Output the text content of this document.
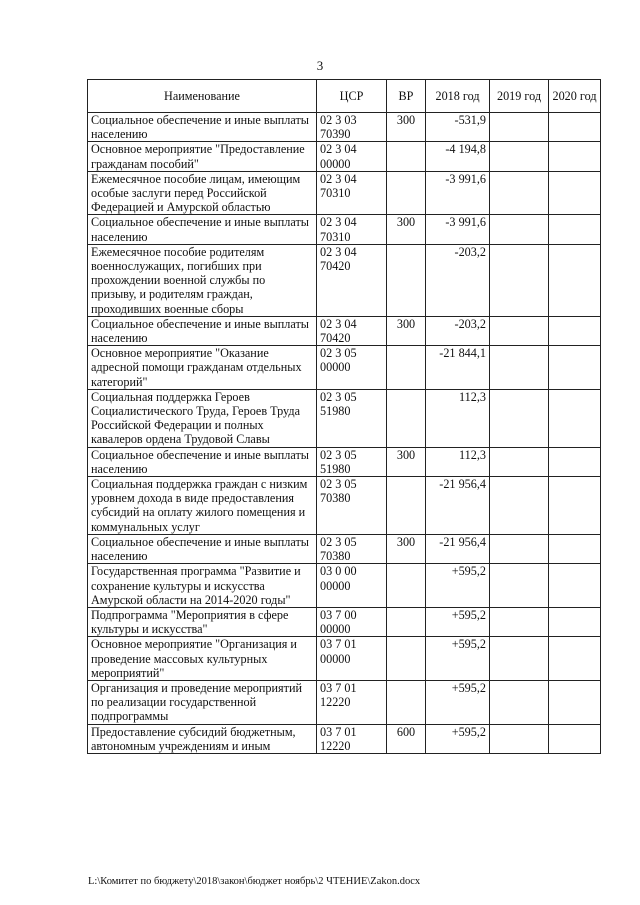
3
Наименование	ЦСР	ВР	2018 год	2019 год	2020 год
Социальное обеспечение и иные выплаты населению	02 3 03 70390	300	-531,9		
Основное мероприятие "Предоставление гражданам пособий"	02 3 04 00000		-4 194,8		
Ежемесячное пособие лицам, имеющим особые заслуги перед Российской Федерацией и Амурской областью	02 3 04 70310		-3 991,6		
Социальное обеспечение и иные выплаты населению	02 3 04 70310	300	-3 991,6		
Ежемесячное пособие родителям военнослужащих, погибших при прохождении военной службы по призыву, и родителям граждан, проходивших военные сборы	02 3 04 70420		-203,2		
Социальное обеспечение и иные выплаты населению	02 3 04 70420	300	-203,2		
Основное мероприятие "Оказание адресной помощи гражданам отдельных категорий"	02 3 05 00000		-21 844,1		
Социальная поддержка Героев Социалистического Труда, Героев Труда Российской Федерации и полных кавалеров ордена Трудовой Славы	02 3 05 51980		112,3		
Социальное обеспечение и иные выплаты населению	02 3 05 51980	300	112,3		
Социальная поддержка граждан с низким уровнем дохода в виде предоставления субсидий на оплату жилого помещения и коммунальных услуг	02 3 05 70380		-21 956,4		
Социальное обеспечение и иные выплаты населению	02 3 05 70380	300	-21 956,4		
Государственная программа "Развитие и сохранение культуры и искусства Амурской области на 2014-2020 годы"	03 0 00 00000		+595,2		
Подпрограмма "Мероприятия в сфере культуры и искусства"	03 7 00 00000		+595,2		
Основное мероприятие "Организация и проведение массовых культурных мероприятий"	03 7 01 00000		+595,2		
Организация и проведение мероприятий по реализации государственной подпрограммы	03 7 01 12220		+595,2		
Предоставление субсидий бюджетным, автономным учреждениям и иным	03 7 01 12220	600	+595,2		
L:\Комитет по бюджету\2018\закон\бюджет ноябрь\2 ЧТЕНИЕ\Zakon.docx
